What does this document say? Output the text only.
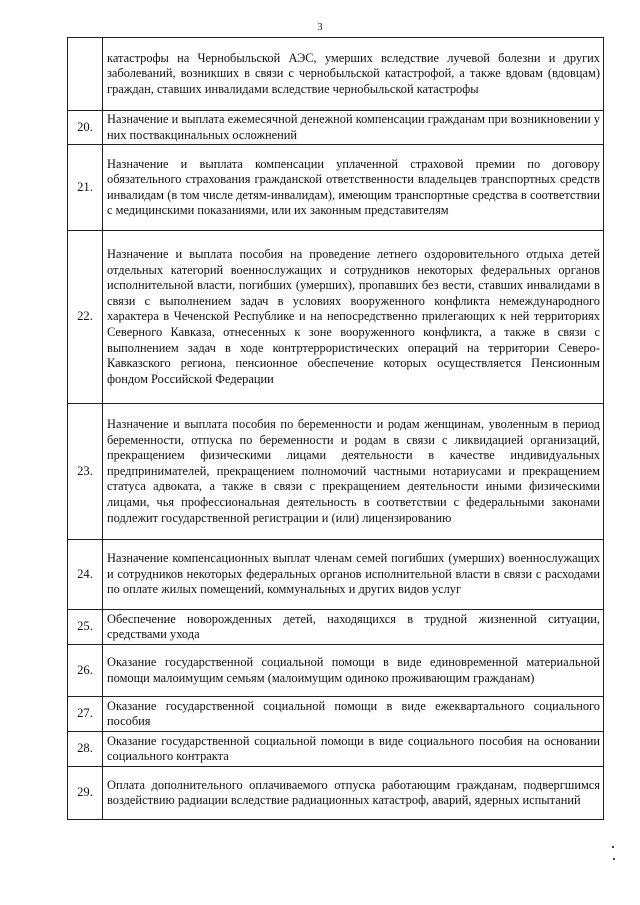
3
	катастрофы на Чернобыльской АЭС, умерших вследствие лучевой болезни и других заболеваний, возникших в связи с чернобыльской катастрофой, а также вдовам (вдовцам) граждан, ставших инвалидами вследствие чернобыльской катастрофы
20.	Назначение и выплата ежемесячной денежной компенсации гражданам при возникновении у них поствакцинальных осложнений
21.	Назначение и выплата компенсации уплаченной страховой премии по договору обязательного страхования гражданской ответственности владельцев транспортных средств инвалидам (в том числе детям-инвалидам), имеющим транспортные средства в соответствии с медицинскими показаниями, или их законным представителям
22.	Назначение и выплата пособия на проведение летнего оздоровительного отдыха детей отдельных категорий военнослужащих и сотрудников некоторых федеральных органов исполнительной власти, погибших (умерших), пропавших без вести, ставших инвалидами в связи с выполнением задач в условиях вооруженного конфликта немеждународного характера в Чеченской Республике и на непосредственно прилегающих к ней территориях Северного Кавказа, отнесенных к зоне вооруженного конфликта, а также в связи с выполнением задач в ходе контртеррористических операций на территории Северо-Кавказского региона, пенсионное обеспечение которых осуществляется Пенсионным фондом Российской Федерации
23.	Назначение и выплата пособия по беременности и родам женщинам, уволенным в период беременности, отпуска по беременности и родам в связи с ликвидацией организаций, прекращением физическими лицами деятельности в качестве индивидуальных предпринимателей, прекращением полномочий частными нотариусами и прекращением статуса адвоката, а также в связи с прекращением деятельности иными физическими лицами, чья профессиональная деятельность в соответствии с федеральными законами подлежит государственной регистрации и (или) лицензированию
24.	Назначение компенсационных выплат членам семей погибших (умерших) военнослужащих и сотрудников некоторых федеральных органов исполнительной власти в связи с расходами по оплате жилых помещений, коммунальных и других видов услуг
25.	Обеспечение новорожденных детей, находящихся в трудной жизненной ситуации, средствами ухода
26.	Оказание государственной социальной помощи в виде единовременной материальной помощи малоимущим семьям (малоимущим одиноко проживающим гражданам)
27.	Оказание государственной социальной помощи в виде ежеквартального социального пособия
28.	Оказание государственной социальной помощи в виде социального пособия на основании социального контракта
29.	Оплата дополнительного оплачиваемого отпуска работающим гражданам, подвергшимся воздействию радиации вследствие радиационных катастроф, аварий, ядерных испытаний
